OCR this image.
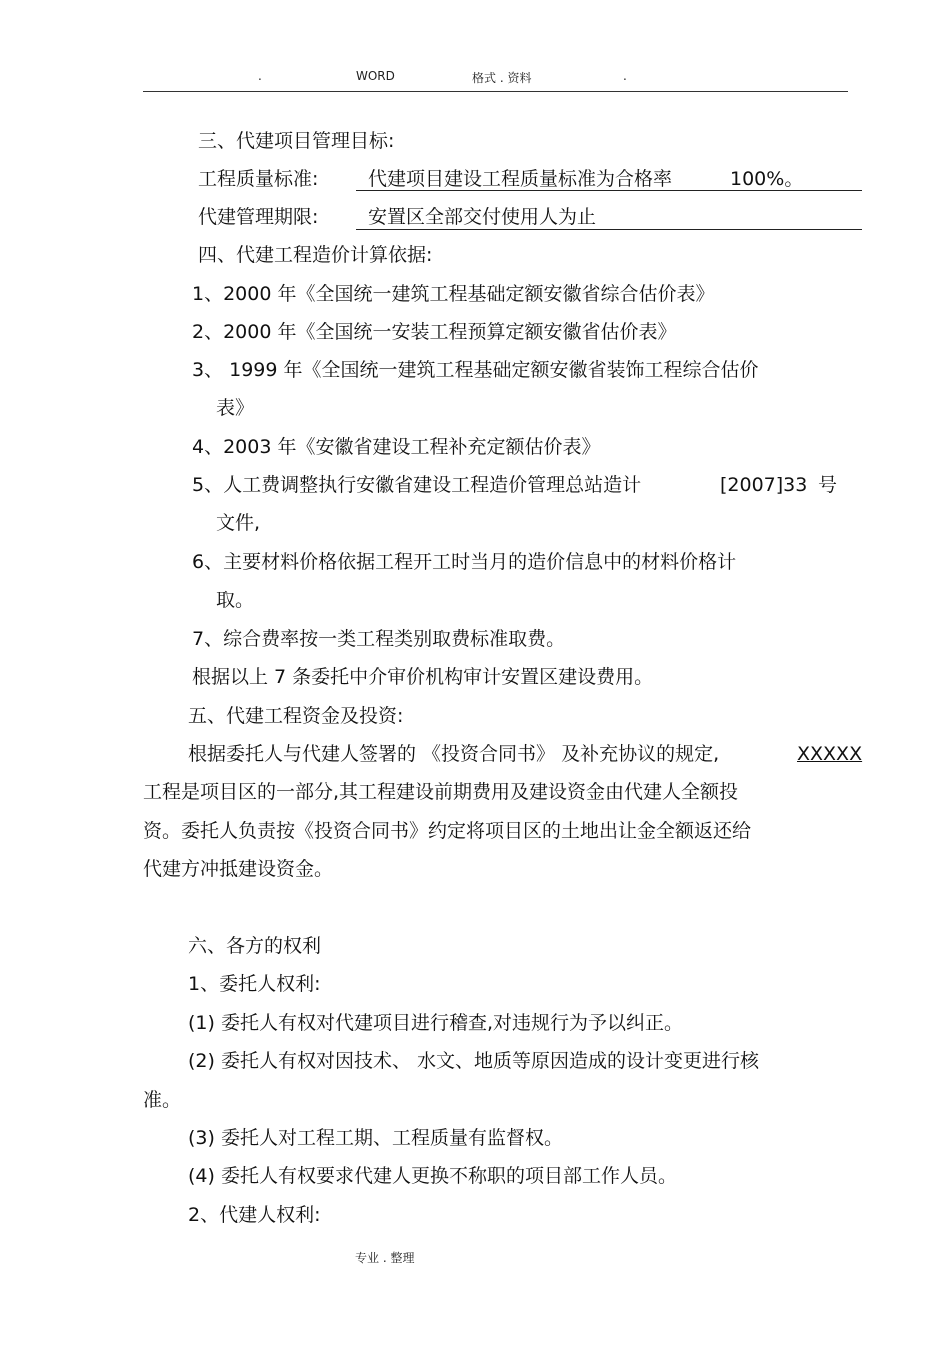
.	WORD	格式 . 资料	.
三、代建项目管理目标:
工程质量标准:	代建项目建设工程质量标准为合格率	100%。
代建管理期限:	安置区全部交付使用人为止
四、代建工程造价计算依据:
1、2000 年《全国统一建筑工程基础定额安徽省综合估价表》
2、2000 年《全国统一安装工程预算定额安徽省估价表》
3、 1999 年《全国统一建筑工程基础定额安徽省装饰工程综合估价
表》
4、2003 年《安徽省建设工程补充定额估价表》
5、人工费调整执行安徽省建设工程造价管理总站造计	[2007]33 号
文件,
6、主要材料价格依据工程开工时当月的造价信息中的材料价格计
取。
7、综合费率按一类工程类别取费标准取费。
根据以上 7 条委托中介审价机构审计安置区建设费用。
五、代建工程资金及投资:
根据委托人与代建人签署的 《投资合同书》 及补充协议的规定,	XXXXX
工程是项目区的一部分,其工程建设前期费用及建设资金由代建人全额投
资。委托人负责按《投资合同书》约定将项目区的土地出让金全额返还给
代建方冲抵建设资金。
六、各方的权利
1、委托人权利:
(1) 委托人有权对代建项目进行稽查,对违规行为予以纠正。
(2) 委托人有权对因技术、 水文、地质等原因造成的设计变更进行核
准。
(3) 委托人对工程工期、工程质量有监督权。
(4) 委托人有权要求代建人更换不称职的项目部工作人员。
2、代建人权利:
专业 . 整理
